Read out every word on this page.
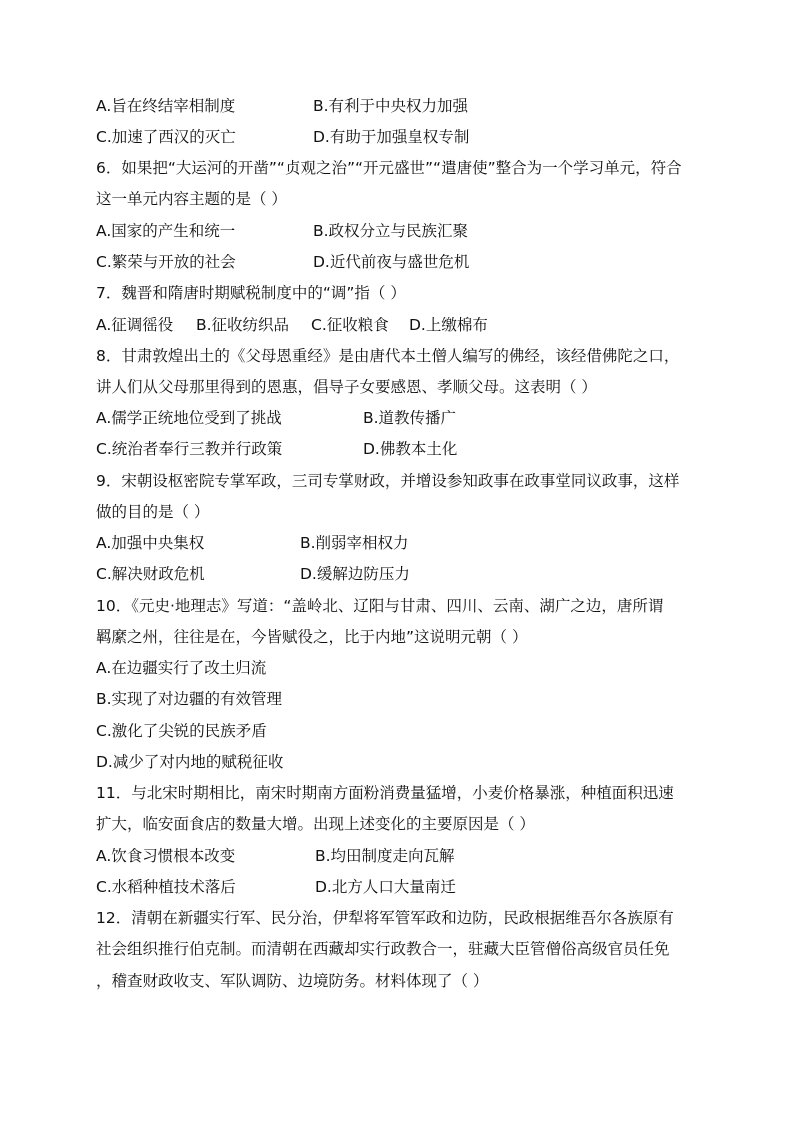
A.旨在终结宰相制度	B.有利于中央权力加强
C.加速了西汉的灭亡	D.有助于加强皇权专制
6．如果把“大运河的开凿”“贞观之治”“开元盛世”“遣唐使”整合为一个学习单元，符合
这一单元内容主题的是（ ）
A.国家的产生和统一	B.政权分立与民族汇聚
C.繁荣与开放的社会	D.近代前夜与盛世危机
7．魏晋和隋唐时期赋税制度中的“调”指（ ）
A.征调徭役 B.征收纺织品 C.征收粮食 D.上缴棉布
8．甘肃敦煌出土的《父母恩重经》是由唐代本土僧人编写的佛经，该经借佛陀之口，
讲人们从父母那里得到的恩惠，倡导子女要感恩、孝顺父母。这表明（ ）
A.儒学正统地位受到了挑战	B.道教传播广
C.统治者奉行三教并行政策	D.佛教本土化
9．宋朝设枢密院专掌军政，三司专掌财政，并增设参知政事在政事堂同议政事，这样
做的目的是（ ）
A.加强中央集权	B.削弱宰相权力
C.解决财政危机	D.缓解边防压力
10．《元史·地理志》写道：“盖岭北、辽阳与甘肃、四川、云南、湖广之边，唐所谓
羁縻之州，往往是在，今皆赋役之，比于内地”这说明元朝（ ）
A.在边疆实行了改土归流
B.实现了对边疆的有效管理
C.激化了尖锐的民族矛盾
D.减少了对内地的赋税征收
11．与北宋时期相比，南宋时期南方面粉消费量猛增，小麦价格暴涨，种植面积迅速
扩大，临安面食店的数量大增。出现上述变化的主要原因是（ ）
A.饮食习惯根本改变	B.均田制度走向瓦解
C.水稻种植技术落后	D.北方人口大量南迁
12．清朝在新疆实行军、民分治，伊犁将军管军政和边防，民政根据维吾尔各族原有
社会组织推行伯克制。而清朝在西藏却实行政教合一，驻藏大臣管僧俗高级官员任免
，稽查财政收支、军队调防、边境防务。材料体现了（ ）
